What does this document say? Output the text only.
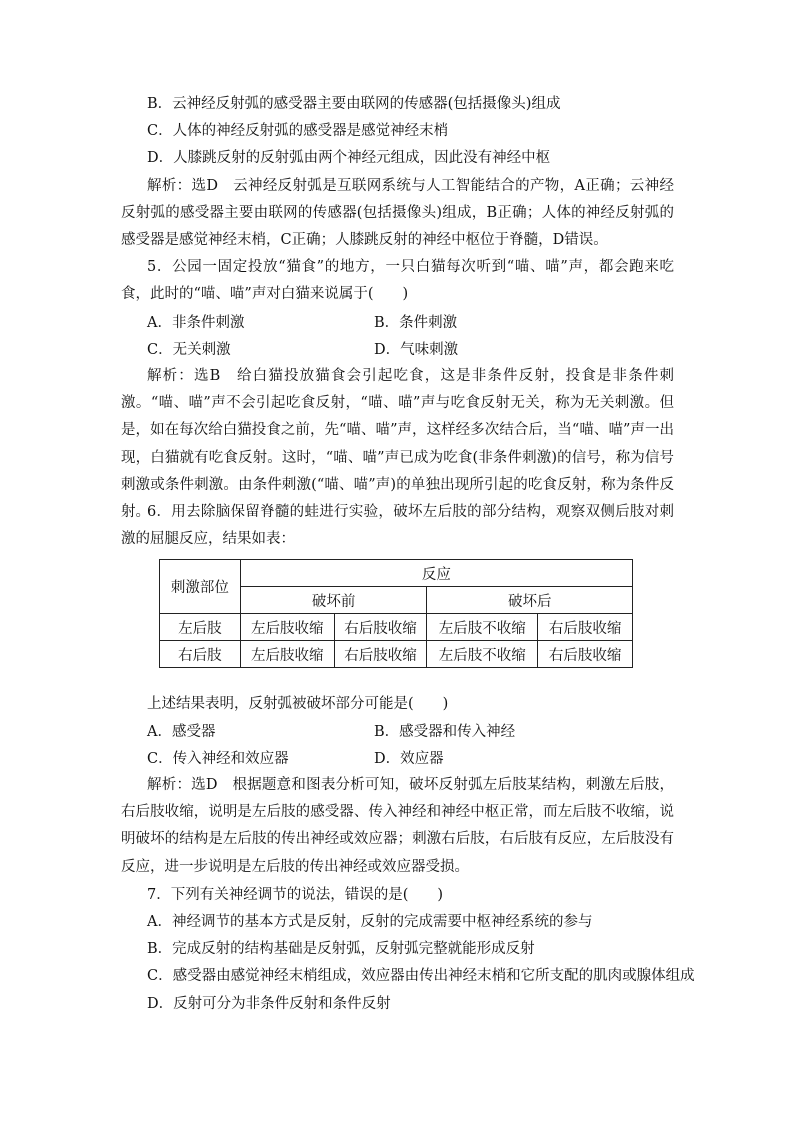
B．云神经反射弧的感受器主要由联网的传感器(包括摄像头)组成
C．人体的神经反射弧的感受器是感觉神经末梢
D．人膝跳反射的反射弧由两个神经元组成，因此没有神经中枢
解析：选D　云神经反射弧是互联网系统与人工智能结合的产物，A正确；云神经反射弧的感受器主要由联网的传感器(包括摄像头)组成，B正确；人体的神经反射弧的感受器是感觉神经末梢，C正确；人膝跳反射的神经中枢位于脊髓，D错误。
5．公园一固定投放“猫食”的地方，一只白猫每次听到“喵、喵”声，都会跑来吃食，此时的“喵、喵”声对白猫来说属于(　　)
A．非条件刺激	B．条件刺激
C．无关刺激	D．气味刺激
解析：选B　给白猫投放猫食会引起吃食，这是非条件反射，投食是非条件刺激。“喵、喵”声不会引起吃食反射，“喵、喵”声与吃食反射无关，称为无关刺激。但是，如在每次给白猫投食之前，先“喵、喵”声，这样经多次结合后，当“喵、喵”声一出现，白猫就有吃食反射。这时，“喵、喵”声已成为吃食(非条件刺激)的信号，称为信号刺激或条件刺激。由条件刺激(“喵、喵”声)的单独出现所引起的吃食反射，称为条件反射。
6．用去除脑保留脊髓的蛙进行实验，破坏左后肢的部分结构，观察双侧后肢对刺激的屈腿反应，结果如表：
刺激部位	反应			
	破坏前		破坏后	
左后肢	左后肢收缩	右后肢收缩	左后肢不收缩	右后肢收缩
右后肢	左后肢收缩	右后肢收缩	左后肢不收缩	右后肢收缩
上述结果表明，反射弧被破坏部分可能是(　　)
A．感受器	B．感受器和传入神经
C．传入神经和效应器	D．效应器
解析：选D　根据题意和图表分析可知，破坏反射弧左后肢某结构，刺激左后肢，右后肢收缩，说明是左后肢的感受器、传入神经和神经中枢正常，而左后肢不收缩，说明破坏的结构是左后肢的传出神经或效应器；刺激右后肢，右后肢有反应，左后肢没有反应，进一步说明是左后肢的传出神经或效应器受损。
7．下列有关神经调节的说法，错误的是(　　)
A．神经调节的基本方式是反射，反射的完成需要中枢神经系统的参与
B．完成反射的结构基础是反射弧，反射弧完整就能形成反射
C．感受器由感觉神经末梢组成，效应器由传出神经末梢和它所支配的肌肉或腺体组成
D．反射可分为非条件反射和条件反射
